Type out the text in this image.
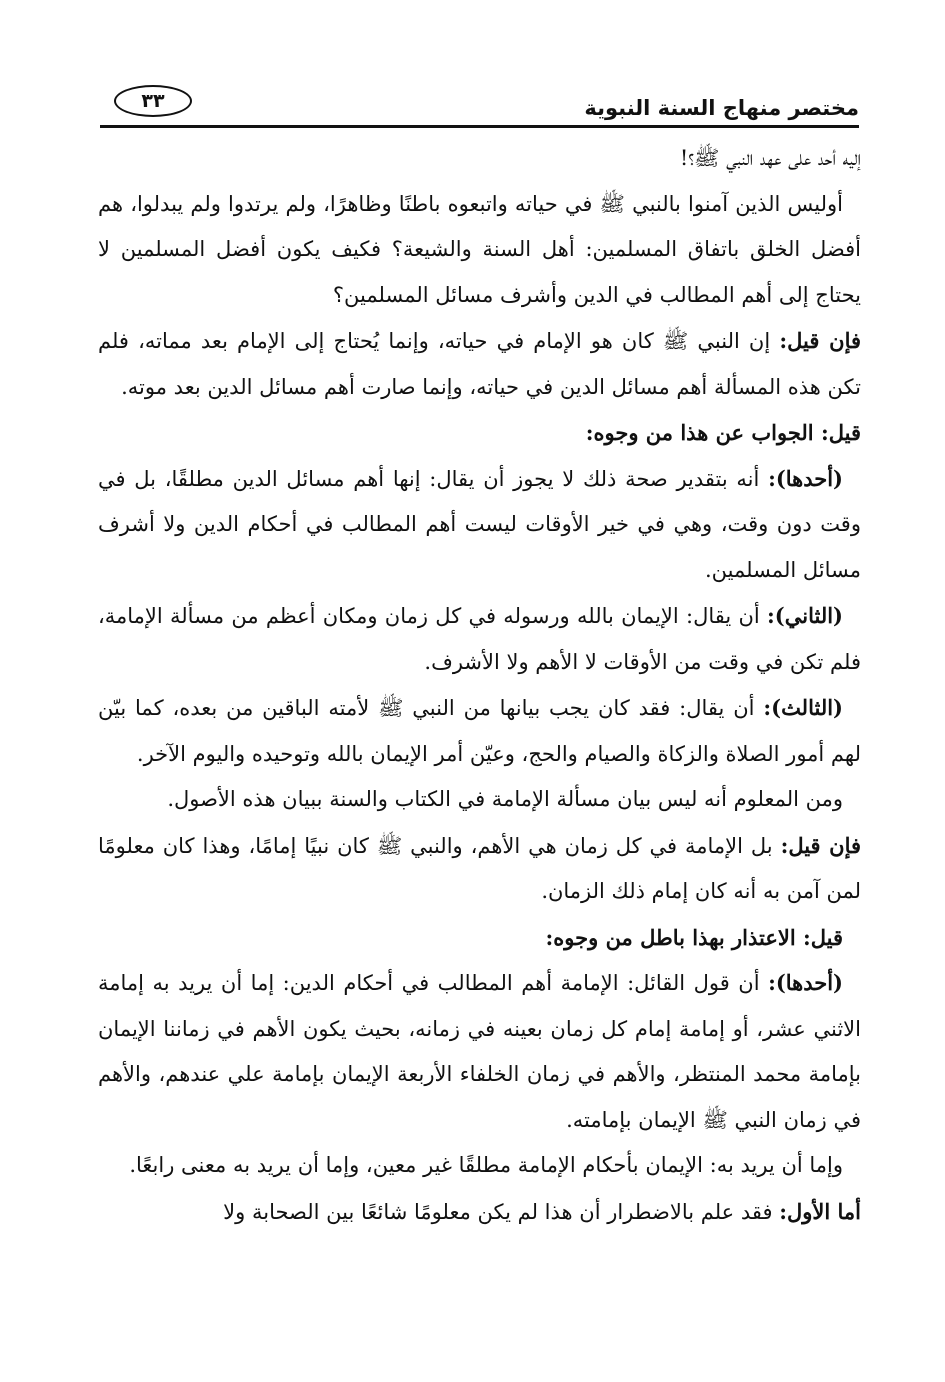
مختصر منهاج السنة النبوية
٣٣

إليه أحد على عهد النبي ﷺ؟!

أوليس الذين آمنوا بالنبي ﷺ في حياته واتبعوه باطنًا وظاهرًا، ولم يرتدوا ولم يبدلوا، هم أفضل الخلق باتفاق المسلمين: أهل السنة والشيعة؟ فكيف يكون أفضل المسلمين لا يحتاج إلى أهم المطالب في الدين وأشرف مسائل المسلمين؟

فإن قيل: إن النبي ﷺ كان هو الإمام في حياته، وإنما يُحتاج إلى الإمام بعد مماته، فلم تكن هذه المسألة أهم مسائل الدين في حياته، وإنما صارت أهم مسائل الدين بعد موته.

قيل: الجواب عن هذا من وجوه:

(أحدها): أنه بتقدير صحة ذلك لا يجوز أن يقال: إنها أهم مسائل الدين مطلقًا، بل في وقت دون وقت، وهي في خير الأوقات ليست أهم المطالب في أحكام الدين ولا أشرف مسائل المسلمين.

(الثاني): أن يقال: الإيمان بالله ورسوله في كل زمان ومكان أعظم من مسألة الإمامة، فلم تكن في وقت من الأوقات لا الأهم ولا الأشرف.

(الثالث): أن يقال: فقد كان يجب بيانها من النبي ﷺ لأمته الباقين من بعده، كما بيّن لهم أمور الصلاة والزكاة والصيام والحج، وعيّن أمر الإيمان بالله وتوحيده واليوم الآخر.

ومن المعلوم أنه ليس بيان مسألة الإمامة في الكتاب والسنة ببيان هذه الأصول.

فإن قيل: بل الإمامة في كل زمان هي الأهم، والنبي ﷺ كان نبيًا إمامًا، وهذا كان معلومًا لمن آمن به أنه كان إمام ذلك الزمان.

قيل: الاعتذار بهذا باطل من وجوه:

(أحدها): أن قول القائل: الإمامة أهم المطالب في أحكام الدين: إما أن يريد به إمامة الاثني عشر، أو إمامة إمام كل زمان بعينه في زمانه، بحيث يكون الأهم في زماننا الإيمان بإمامة محمد المنتظر، والأهم في زمان الخلفاء الأربعة الإيمان بإمامة علي عندهم، والأهم في زمان النبي ﷺ الإيمان بإمامته.

وإما أن يريد به: الإيمان بأحكام الإمامة مطلقًا غير معين، وإما أن يريد به معنى رابعًا.

أما الأول: فقد علم بالاضطرار أن هذا لم يكن معلومًا شائعًا بين الصحابة ولا
